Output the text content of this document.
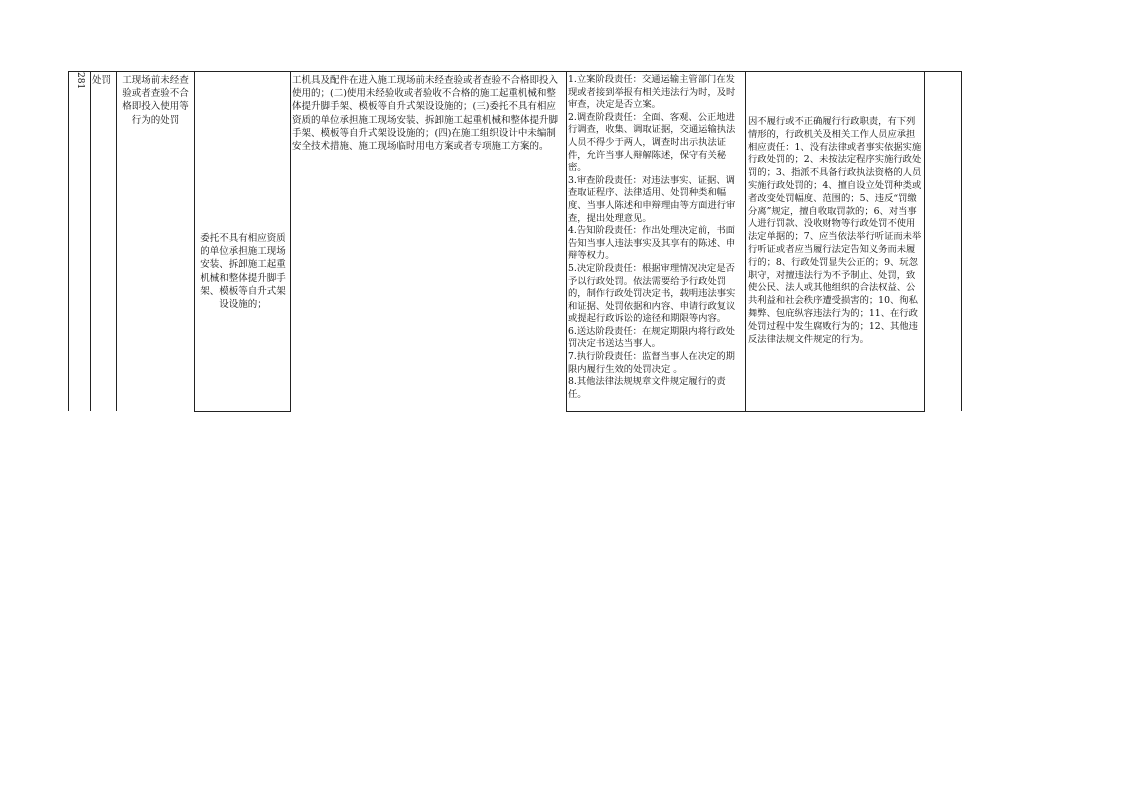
281 处罚	工现场前未经查验或者查验不合格即投入使用等行为的处罚
委托不具有相应资质的单位承担施工现场安装、拆卸施工起重机械和整体提升脚手架、模板等自升式架设设施的；
工机具及配件在进入施工现场前未经查验或者查验不合格即投入使用的；(二)使用未经验收或者验收不合格的施工起重机械和整体提升脚手架、模板等自升式架设设施的；(三)委托不具有相应资质的单位承担施工现场安装、拆卸施工起重机械和整体提升脚手架、模板等自升式架设设施的；(四)在施工组织设计中未编制安全技术措施、施工现场临时用电方案或者专项施工方案的。
1.立案阶段责任：交通运输主管部门在发现或者接到举报有相关违法行为时，及时审查，决定是否立案。
2.调查阶段责任：全面、客观、公正地进行调查，收集、调取证据，交通运输执法人员不得少于两人，调查时出示执法证件，允许当事人辩解陈述，保守有关秘密。
3.审查阶段责任：对违法事实、证据、调查取证程序、法律适用、处罚种类和幅度、当事人陈述和申辩理由等方面进行审查，提出处理意见。
4.告知阶段责任：作出处理决定前，书面告知当事人违法事实及其享有的陈述、申辩等权力。
5.决定阶段责任：根据审理情况决定是否予以行政处罚。依法需要给予行政处罚的，制作行政处罚决定书，载明违法事实和证据、处罚依据和内容、申请行政复议或提起行政诉讼的途径和期限等内容。
6.送达阶段责任：在规定期限内将行政处罚决定书送达当事人。
7.执行阶段责任：监督当事人在决定的期限内履行生效的处罚决定 。
8.其他法律法规规章文件规定履行的责任。
因不履行或不正确履行行政职责，有下列情形的，行政机关及相关工作人员应承担相应责任：1、没有法律或者事实依据实施行政处罚的；2、未按法定程序实施行政处罚的；3、指派不具备行政执法资格的人员实施行政处罚的；4、擅自设立处罚种类或者改变处罚幅度、范围的；5、违反“罚缴分离”规定，擅自收取罚款的；6、对当事人进行罚款、没收财物等行政处罚不使用法定单据的；7、应当依法举行听证而未举行听证或者应当履行法定告知义务而未履行的；8、行政处罚显失公正的；9、玩忽职守，对擅违法行为不予制止、处罚，致使公民、法人或其他组织的合法权益、公共利益和社会秩序遭受损害的；10、徇私舞弊、包庇纵容违法行为的；11、在行政处罚过程中发生腐败行为的；12、其他违反法律法规文件规定的行为。
